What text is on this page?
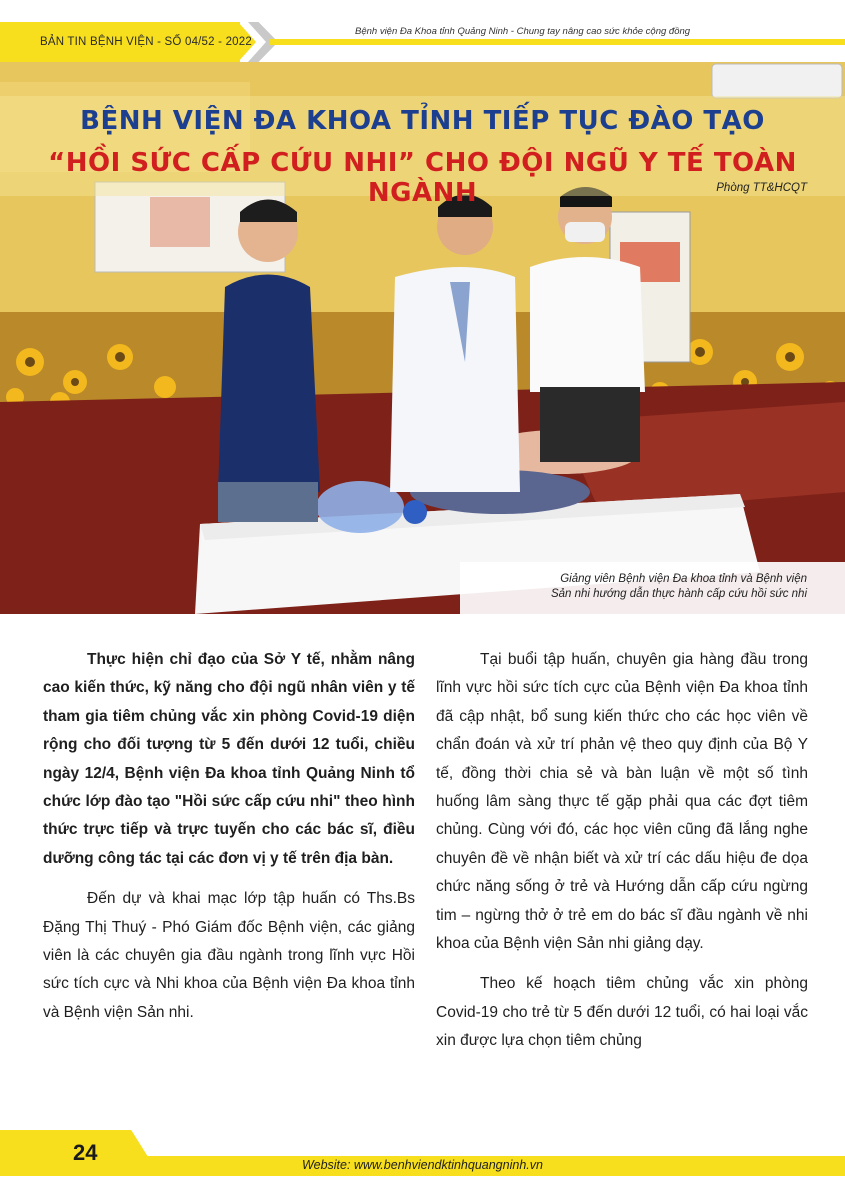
BẢN TIN BỆNH VIỆN - SỐ 04/52 - 2022
Bệnh viện Đa Khoa tỉnh Quảng Ninh - Chung tay nâng cao sức khỏe cộng đồng
BỆNH VIỆN ĐA KHOA TỈNH TIẾP TỤC ĐÀO TẠO
“HỒI SỨC CẤP CỨU NHI” CHO ĐỘI NGŨ Y TẾ TOÀN NGÀNH	Phòng TT&HCQT
Giảng viên Bệnh viện Đa khoa tỉnh và Bệnh viện
Sản nhi hướng dẫn thực hành cấp cứu hồi sức nhi

Thực hiện chỉ đạo của Sở Y tế, nhằm nâng cao kiến thức, kỹ năng cho đội ngũ nhân viên y tế tham gia tiêm chủng vắc xin phòng Covid-19 diện rộng cho đối tượng từ 5 đến dưới 12 tuổi, chiều ngày 12/4, Bệnh viện Đa khoa tỉnh Quảng Ninh tổ chức lớp đào tạo "Hồi sức cấp cứu nhi" theo hình thức trực tiếp và trực tuyến cho các bác sĩ, điều dưỡng công tác tại các đơn vị y tế trên địa bàn.

Đến dự và khai mạc lớp tập huấn có Ths.Bs Đặng Thị Thuý - Phó Giám đốc Bệnh viện, các giảng viên là các chuyên gia đầu ngành trong lĩnh vực Hồi sức tích cực và Nhi khoa của Bệnh viện Đa khoa tỉnh và Bệnh viện Sản nhi.

Tại buổi tập huấn, chuyên gia hàng đầu trong lĩnh vực hồi sức tích cực của Bệnh viện Đa khoa tỉnh đã cập nhật, bổ sung kiến thức cho các học viên về chẩn đoán và xử trí phản vệ theo quy định của Bộ Y tế, đồng thời chia sẻ và bàn luận về một số tình huống lâm sàng thực tế gặp phải qua các đợt tiêm chủng. Cùng với đó, các học viên cũng đã lắng nghe chuyên đề về nhận biết và xử trí các dấu hiệu đe dọa chức năng sống ở trẻ và Hướng dẫn cấp cứu ngừng tim – ngừng thở ở trẻ em do bác sĩ đầu ngành về nhi khoa của Bệnh viện Sản nhi giảng dạy.

Theo kế hoạch tiêm chủng vắc xin phòng Covid-19 cho trẻ từ 5 đến dưới 12 tuổi, có hai loại vắc xin được lựa chọn tiêm chủng

24	Website: www.benhviendktinhquangninh.vn
